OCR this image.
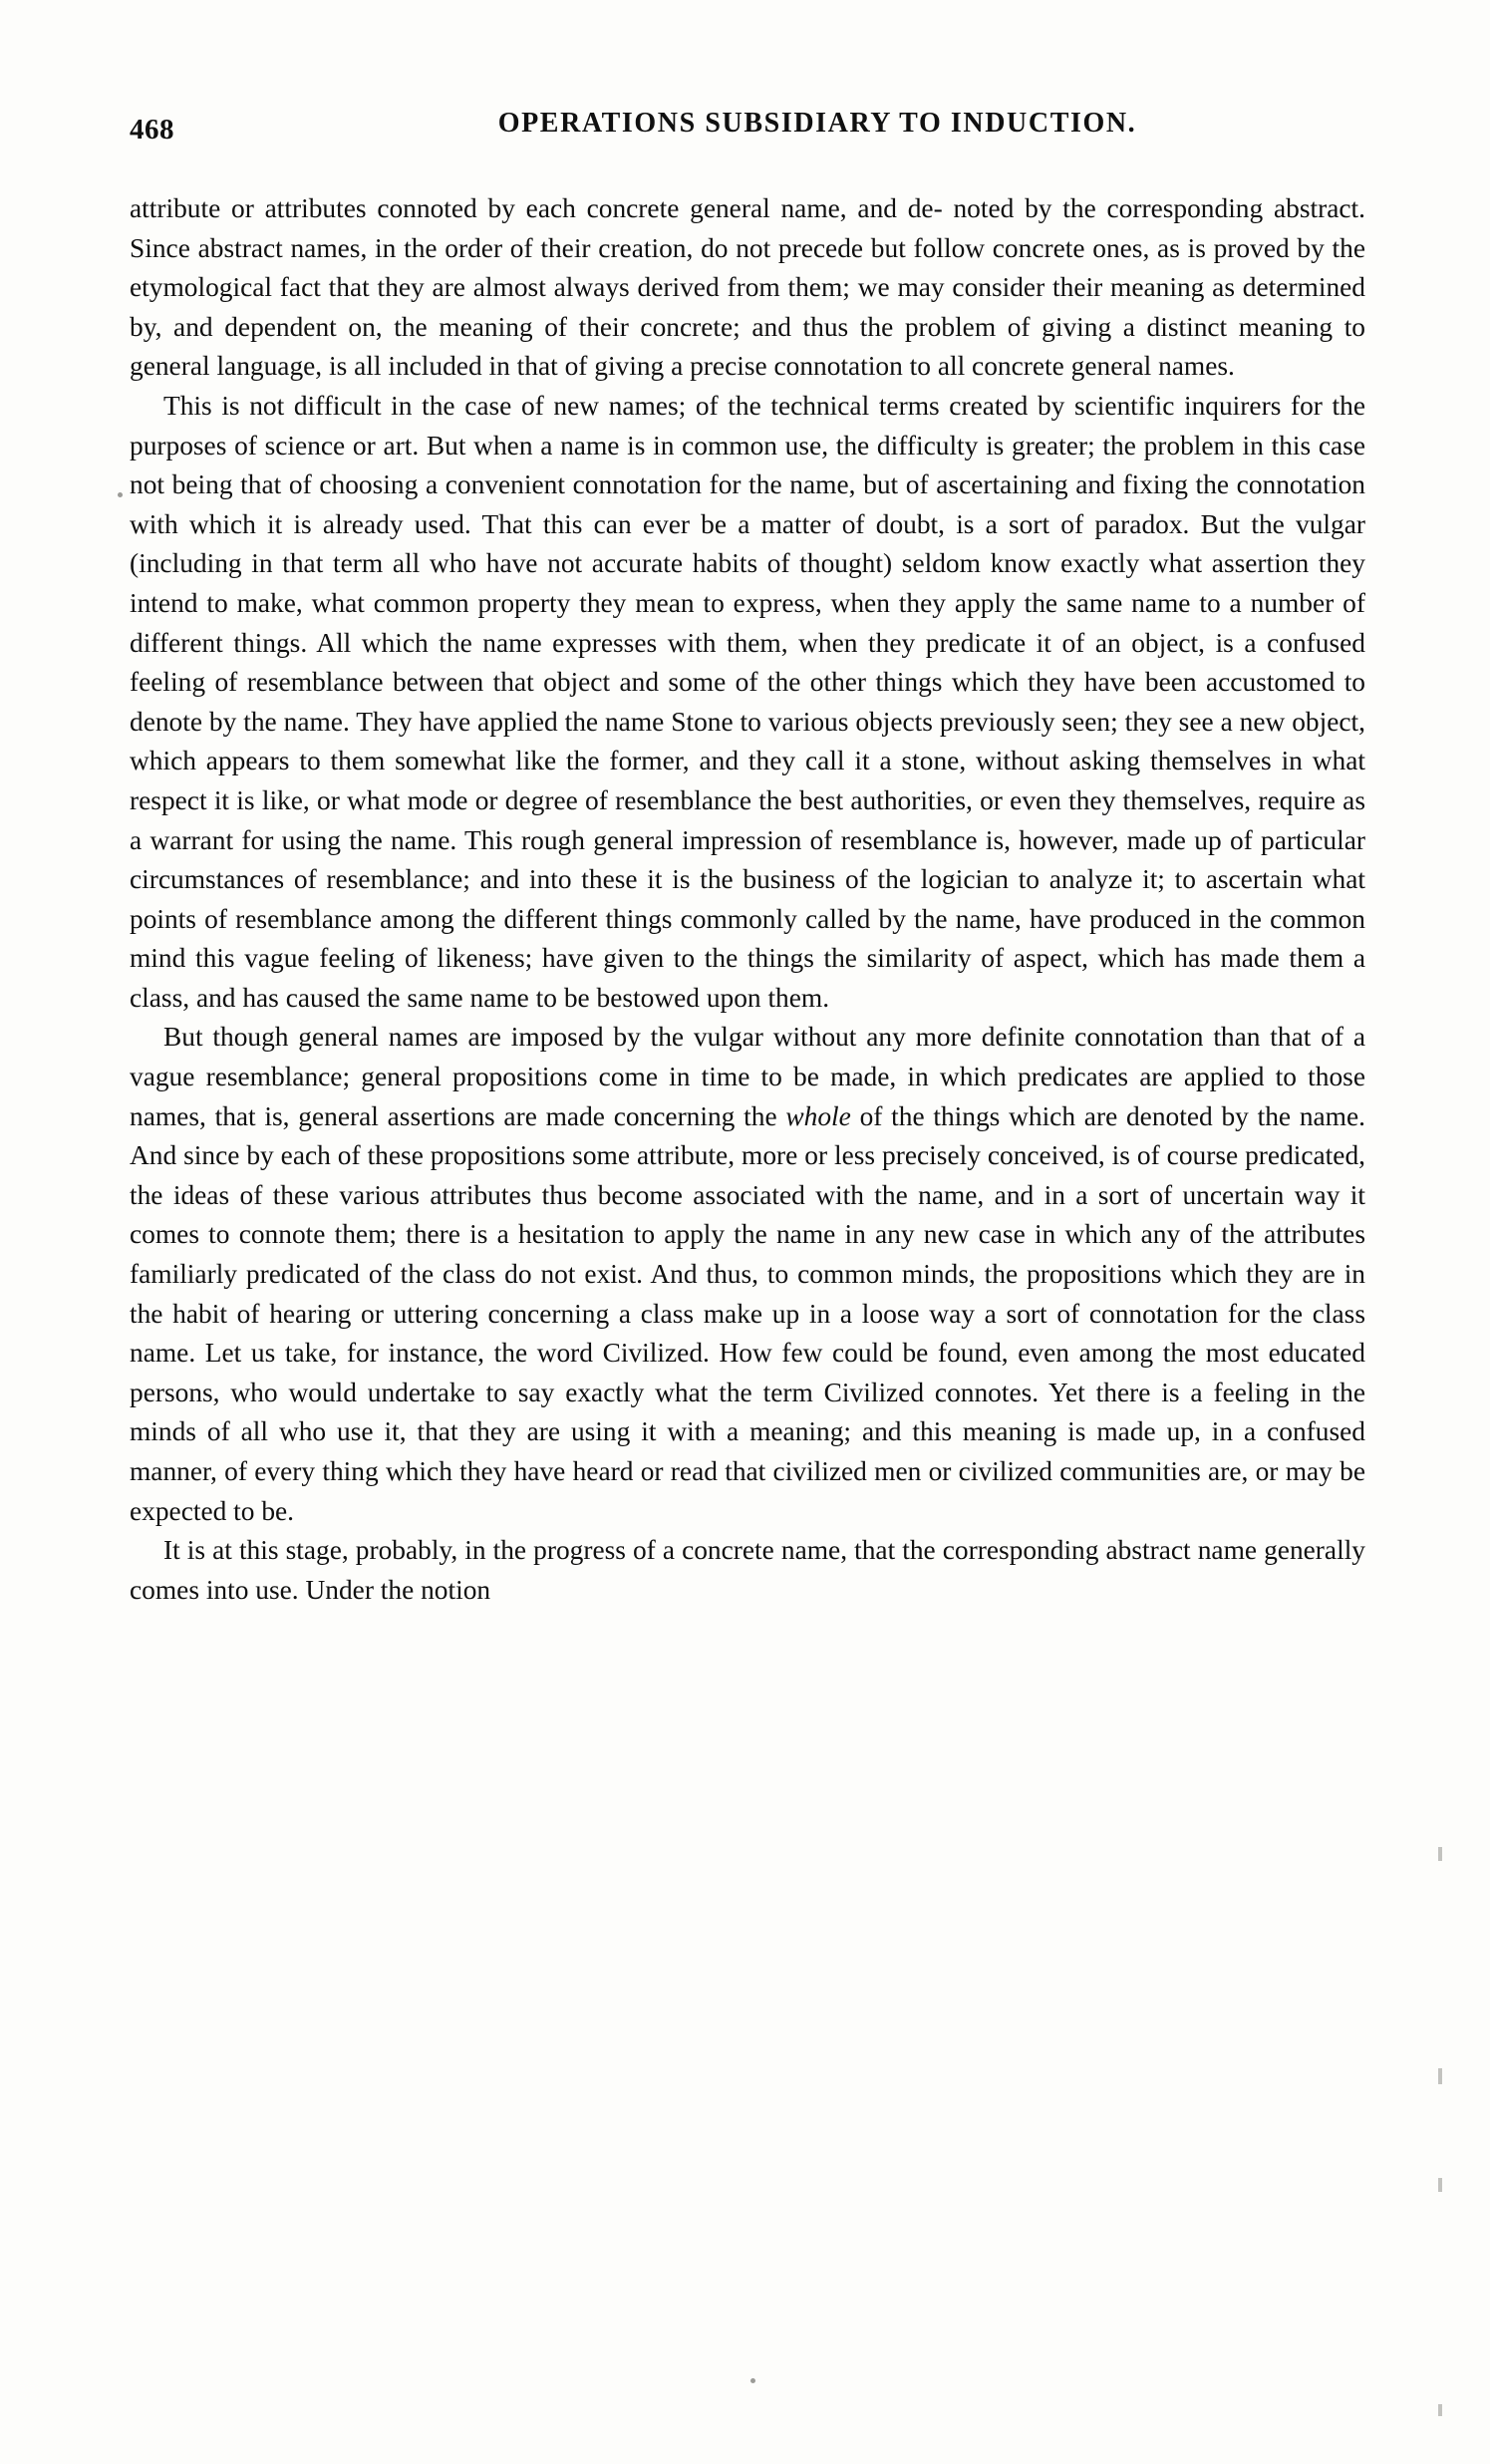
468	OPERATIONS SUBSIDIARY TO INDUCTION.

attribute or attributes connoted by each concrete general name, and de‐ noted by the corresponding abstract. Since abstract names, in the order of their creation, do not precede but follow concrete ones, as is proved by the etymological fact that they are almost always derived from them; we may consider their meaning as determined by, and dependent on, the meaning of their concrete; and thus the problem of giving a distinct meaning to general language, is all included in that of giving a precise connotation to all concrete general names.

This is not difficult in the case of new names; of the technical terms created by scientific inquirers for the purposes of science or art. But when a name is in common use, the difficulty is greater; the problem in this case not being that of choosing a convenient connotation for the name, but of ascertaining and fixing the connotation with which it is already used. That this can ever be a matter of doubt, is a sort of paradox. But the vulgar (including in that term all who have not accurate habits of thought) seldom know exactly what assertion they intend to make, what common property they mean to express, when they apply the same name to a number of different things. All which the name expresses with them, when they predicate it of an object, is a confused feeling of resemblance between that object and some of the other things which they have been accustomed to denote by the name. They have applied the name Stone to various objects previously seen; they see a new object, which appears to them somewhat like the former, and they call it a stone, without asking themselves in what respect it is like, or what mode or degree of resemblance the best authorities, or even they themselves, require as a warrant for using the name. This rough general impression of resemblance is, however, made up of particular circumstances of resemblance; and into these it is the business of the logician to analyze it; to ascertain what points of resemblance among the different things commonly called by the name, have produced in the common mind this vague feeling of likeness; have given to the things the similarity of aspect, which has made them a class, and has caused the same name to be bestowed upon them.

But though general names are imposed by the vulgar without any more definite connotation than that of a vague resemblance; general propositions come in time to be made, in which predicates are applied to those names, that is, general assertions are made concerning the whole of the things which are denoted by the name. And since by each of these propositions some attribute, more or less precisely conceived, is of course predicated, the ideas of these various attributes thus become associated with the name, and in a sort of uncertain way it comes to connote them; there is a hesitation to apply the name in any new case in which any of the attributes familiarly predicated of the class do not exist. And thus, to common minds, the propositions which they are in the habit of hearing or uttering concerning a class make up in a loose way a sort of connotation for the class name. Let us take, for instance, the word Civilized. How few could be found, even among the most educated persons, who would undertake to say exactly what the term Civilized connotes. Yet there is a feeling in the minds of all who use it, that they are using it with a meaning; and this meaning is made up, in a confused manner, of every thing which they have heard or read that civilized men or civilized communities are, or may be expected to be.

It is at this stage, probably, in the progress of a concrete name, that the corresponding abstract name generally comes into use. Under the notion
